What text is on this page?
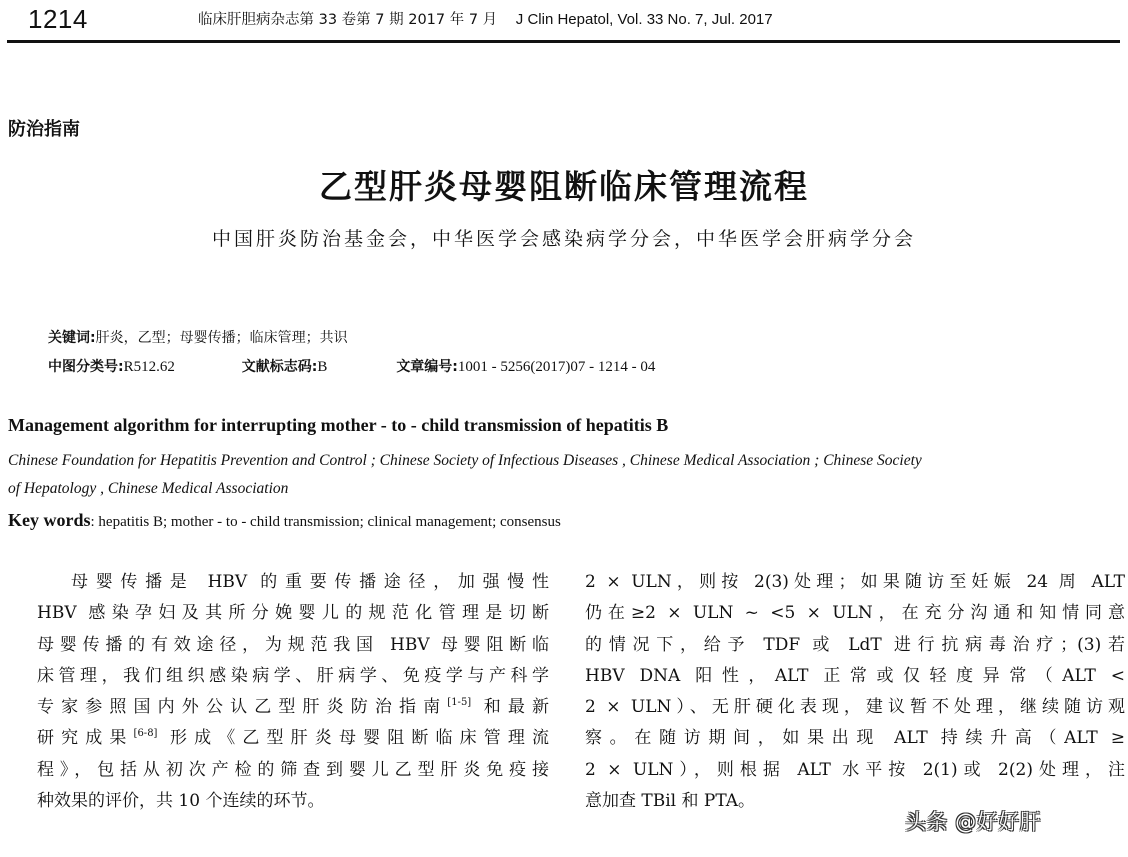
1214	临床肝胆病杂志第 33 卷第 7 期 2017 年 7 月 J Clin Hepatol, Vol. 33 No. 7, Jul. 2017
防治指南
乙型肝炎母婴阻断临床管理流程
中国肝炎防治基金会，中华医学会感染病学分会，中华医学会肝病学分会
关键词:肝炎，乙型；母婴传播；临床管理；共识
中图分类号:R512.62	文献标志码:B	文章编号:1001 - 5256(2017)07 - 1214 - 04
Management algorithm for interrupting mother - to - child transmission of hepatitis B
Chinese Foundation for Hepatitis Prevention and Control ; Chinese Society of Infectious Diseases , Chinese Medical Association ; Chinese Society
of Hepatology , Chinese Medical Association
Key words: hepatitis B; mother - to - child transmission; clinical management; consensus
母婴传播是 HBV 的重要传播途径，加强慢性
HBV 感染孕妇及其所分娩婴儿的规范化管理是切断
母婴传播的有效途径，为规范我国 HBV 母婴阻断临
床管理，我们组织感染病学、肝病学、免疫学与产科学
专家参照国内外公认乙型肝炎防治指南[1-5] 和最新
研究成果[6-8] 形成《乙型肝炎母婴阻断临床管理流
程》，包括从初次产检的筛查到婴儿乙型肝炎免疫接
种效果的评价，共 10 个连续的环节。
2 × ULN，则按 2(3)处理；如果随访至妊娠 24 周 ALT
仍在≥2 × ULN ~ <5 × ULN，在充分沟通和知情同意
的情况下，给予 TDF 或 LdT 进行抗病毒治疗；(3)若
HBV DNA 阳性，ALT 正常或仅轻度异常（ALT <
2 × ULN）、无肝硬化表现，建议暂不处理，继续随访观
察。在随访期间，如果出现 ALT 持续升高（ALT ≥
2 × ULN），则根据 ALT 水平按 2(1)或 2(2)处理，注
意加查 TBil 和 PTA。
头条 @好好肝
